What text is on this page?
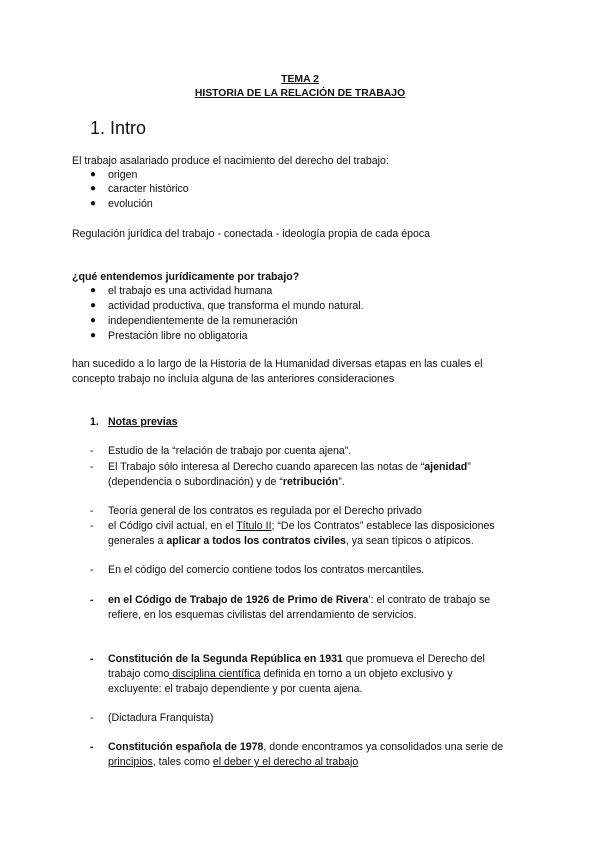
TEMA 2
HISTORIA DE LA RELACIÓN DE TRABAJO
1. Intro
El trabajo asalariado produce el nacimiento del derecho del trabajo:
● origen
● caracter històrico
● evolución
Regulación jurídica del trabajo - conectada - ideología propia de cada época
¿qué entendemos jurídicamente por trabajo?
● el trabajo es una actividad humana
● actividad productiva, que transforma el mundo natural.
● independientemente de la remuneración
● Prestación libre no obligatoria
han sucedido a lo largo de la Historia de la Humanidad diversas etapas en las cuales el
concepto trabajo no incluía alguna de las anteriores consideraciones
1. Notas previas
- Estudio de la “relación de trabajo por cuenta ajena”.
- El Trabajo sólo interesa al Derecho cuando aparecen las notas de “ajenidad”
(dependencia o subordinación) y de “retribución”.
- Teoría general de los contratos es regulada por el Derecho privado
- el Código civil actual, en el Título II; “De los Contratos” establece las disposiciones
generales a aplicar a todos los contratos civiles, ya sean típicos o atípicos.
- En el código del comercio contiene todos los contratos mercantiles.
- en el Código de Trabajo de 1926 de Primo de Rivera’: el contrato de trabajo se
refiere, en los esquemas civilistas del arrendamiento de servicios.
- Constitución de la Segunda República en 1931 que promueva el Derecho del
trabajo como disciplina científica definida en torno a un objeto exclusivo y
excluyente: el trabajo dependiente y por cuenta ajena.
- (Dictadura Franquista)
- Constitución española de 1978, donde encontramos ya consolidados una serie de
principios, tales como el deber y el derecho al trabajo
